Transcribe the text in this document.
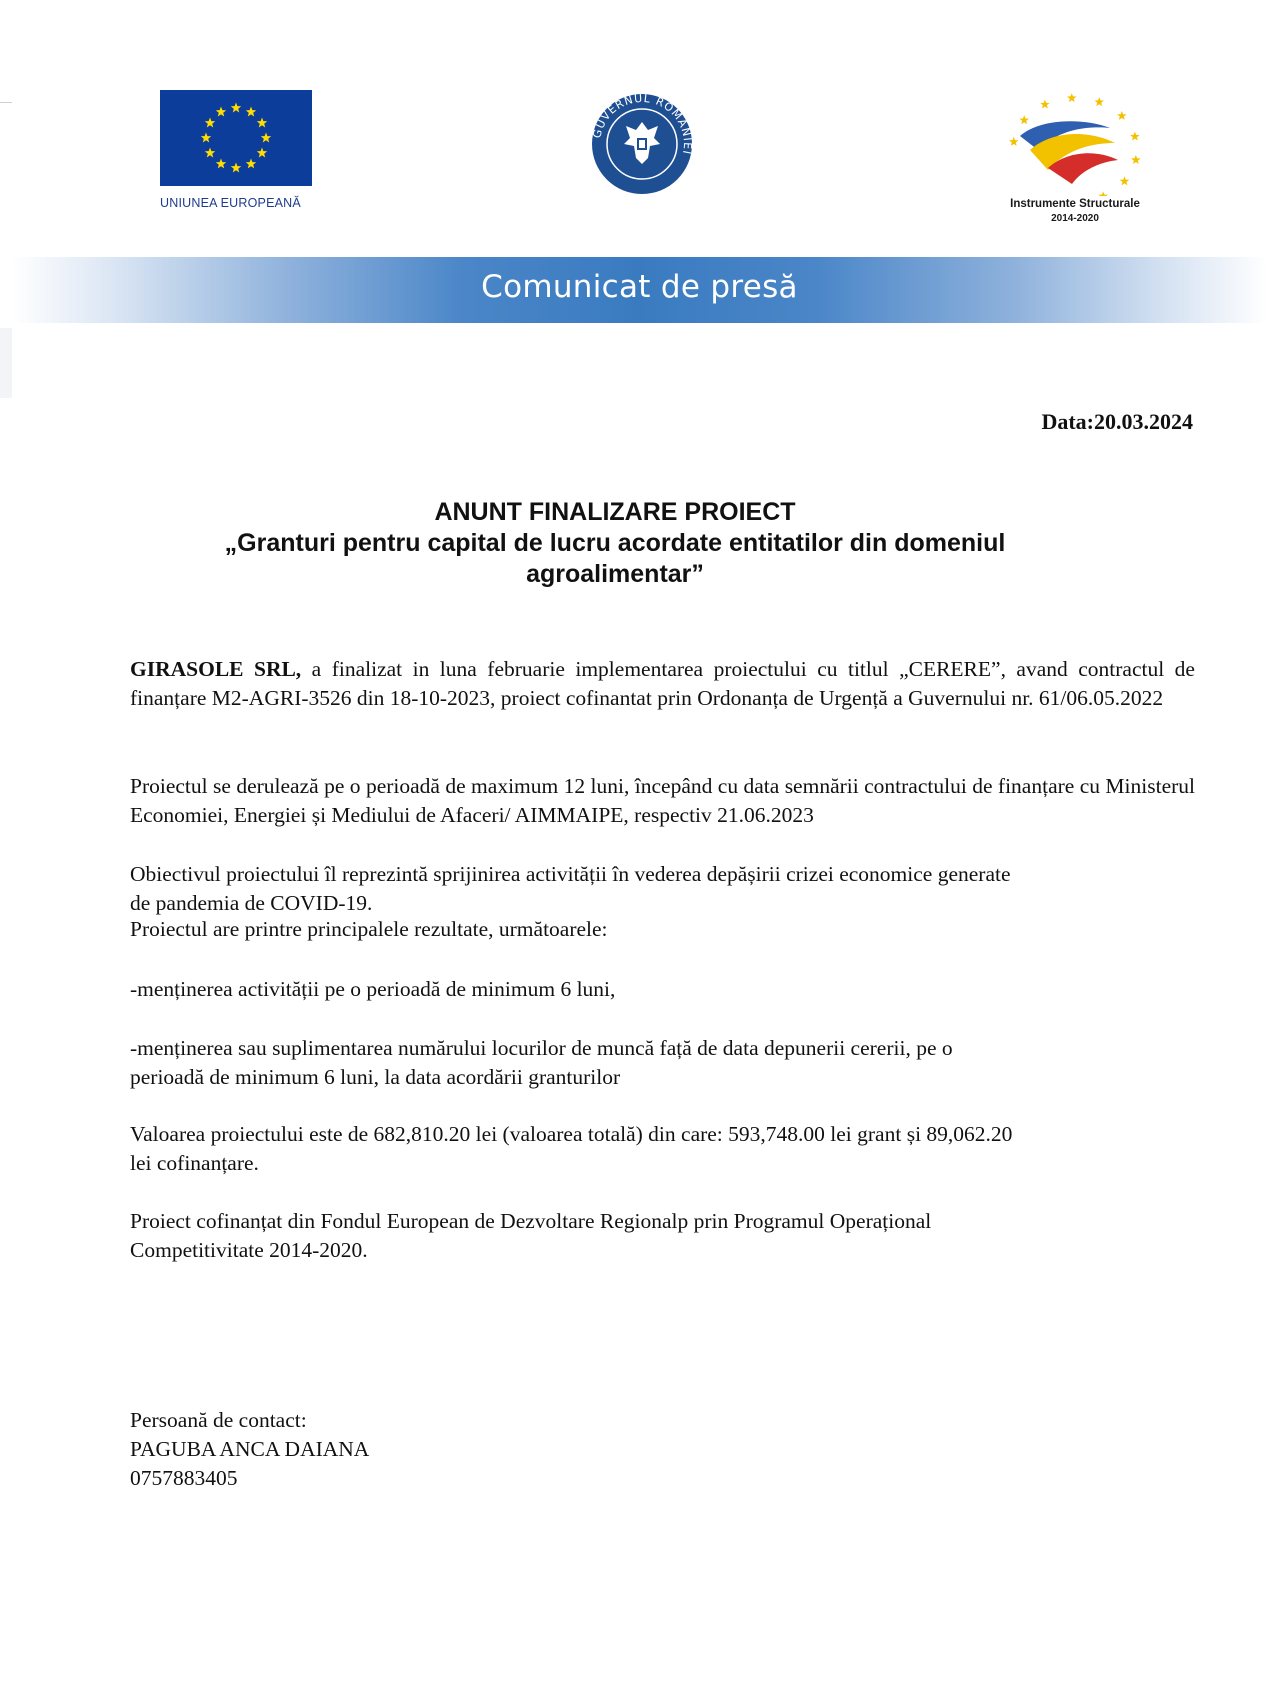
UNIUNEA EUROPEANĂ
GUVERNUL ROMÂNIEI
Instrumente Structurale
2014-2020
Comunicat de presă
Data:20.03.2024
ANUNT FINALIZARE PROIECT
„Granturi pentru capital de lucru acordate entitatilor din domeniul
agroalimentar”
GIRASOLE SRL, a finalizat in luna februarie implementarea proiectului cu titlul „CERERE”, avand contractul de finanțare M2-AGRI-3526 din 18-10-2023, proiect cofinantat prin Ordonanța de Urgență a Guvernului nr. 61/06.05.2022
Proiectul se derulează pe o perioadă de maximum 12 luni, începând cu data semnării contractului de finanțare cu Ministerul Economiei, Energiei și Mediului de Afaceri/ AIMMAIPE, respectiv 21.06.2023
Obiectivul proiectului îl reprezintă sprijinirea activității în vederea depășirii crizei economice generate
de pandemia de COVID-19.
Proiectul are printre principalele rezultate, următoarele:
-menținerea activității pe o perioadă de minimum 6 luni,
-menținerea sau suplimentarea numărului locurilor de muncă față de data depunerii cererii, pe o
perioadă de minimum 6 luni, la data acordării granturilor
Valoarea proiectului este de 682,810.20 lei (valoarea totală) din care: 593,748.00 lei grant și 89,062.20
lei cofinanțare.
Proiect cofinanțat din Fondul European de Dezvoltare Regionalp prin Programul Operațional
Competitivitate 2014-2020.
Persoană de contact:
PAGUBA ANCA DAIANA
0757883405
